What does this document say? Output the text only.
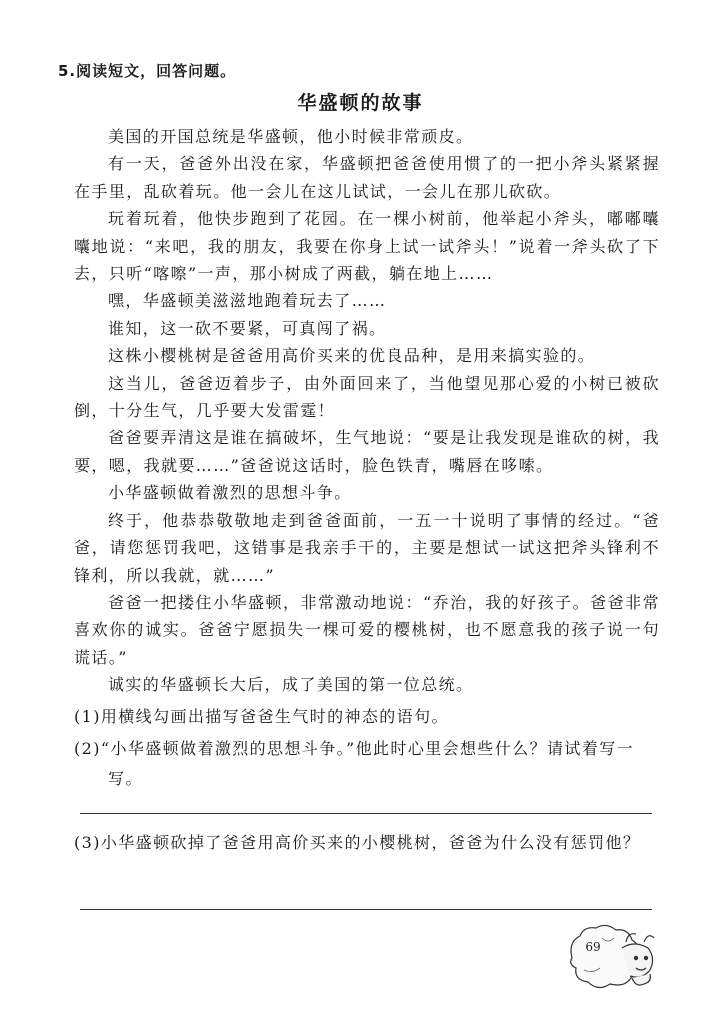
5.阅读短文，回答问题。
华盛顿的故事

美国的开国总统是华盛顿，他小时候非常顽皮。

有一天，爸爸外出没在家，华盛顿把爸爸使用惯了的一把小斧头紧紧握在手里，乱砍着玩。他一会儿在这儿试试，一会儿在那儿砍砍。

玩着玩着，他快步跑到了花园。在一棵小树前，他举起小斧头，嘟嘟囔囔地说：“来吧，我的朋友，我要在你身上试一试斧头！”说着一斧头砍了下去，只听“喀嚓”一声，那小树成了两截，躺在地上……

嘿，华盛顿美滋滋地跑着玩去了……

谁知，这一砍不要紧，可真闯了祸。

这株小樱桃树是爸爸用高价买来的优良品种，是用来搞实验的。

这当儿，爸爸迈着步子，由外面回来了，当他望见那心爱的小树已被砍倒，十分生气，几乎要大发雷霆！

爸爸要弄清这是谁在搞破坏，生气地说：“要是让我发现是谁砍的树，我要，嗯，我就要……”爸爸说这话时，脸色铁青，嘴唇在哆嗦。

小华盛顿做着激烈的思想斗争。

终于，他恭恭敬敬地走到爸爸面前，一五一十说明了事情的经过。“爸爸，请您惩罚我吧，这错事是我亲手干的，主要是想试一试这把斧头锋利不锋利，所以我就，就……”

爸爸一把搂住小华盛顿，非常激动地说：“乔治，我的好孩子。爸爸非常喜欢你的诚实。爸爸宁愿损失一棵可爱的樱桃树，也不愿意我的孩子说一句谎话。”

诚实的华盛顿长大后，成了美国的第一位总统。

(1)用横线勾画出描写爸爸生气时的神态的语句。

(2)“小华盛顿做着激烈的思想斗争。”他此时心里会想些什么？请试着写一写。

(3)小华盛顿砍掉了爸爸用高价买来的小樱桃树，爸爸为什么没有惩罚他？

69
